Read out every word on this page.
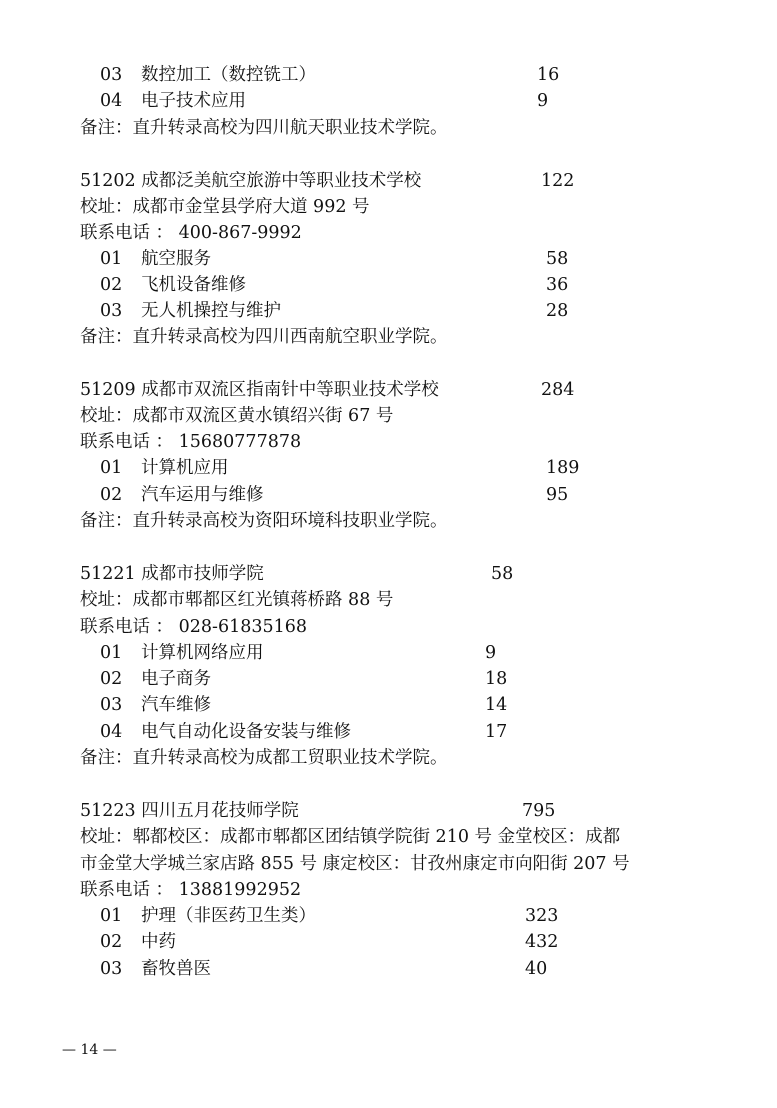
03 数控加工（数控铣工）	16
04 电子技术应用	9
备注：直升转录高校为四川航天职业技术学院。
51202 成都泛美航空旅游中等职业技术学校	122
校址：成都市金堂县学府大道 992 号
联系电话 ： 400-867-9992
01 航空服务	58
02 飞机设备维修	36
03 无人机操控与维护	28
备注：直升转录高校为四川西南航空职业学院。
51209 成都市双流区指南针中等职业技术学校	284
校址：成都市双流区黄水镇绍兴街 67 号
联系电话 ： 15680777878
01 计算机应用	189
02 汽车运用与维修	95
备注：直升转录高校为资阳环境科技职业学院。
51221 成都市技师学院	58
校址：成都市郫都区红光镇蒋桥路 88 号
联系电话 ： 028-61835168
01 计算机网络应用	9
02 电子商务	18
03 汽车维修	14
04 电气自动化设备安装与维修	17
备注：直升转录高校为成都工贸职业技术学院。
51223 四川五月花技师学院	795
校址：郫都校区：成都市郫都区团结镇学院街 210 号 金堂校区：成都
市金堂大学城兰家店路 855 号 康定校区：甘孜州康定市向阳街 207 号
联系电话 ： 13881992952
01 护理（非医药卫生类）	323
02 中药	432
03 畜牧兽医	40
— 14 —
